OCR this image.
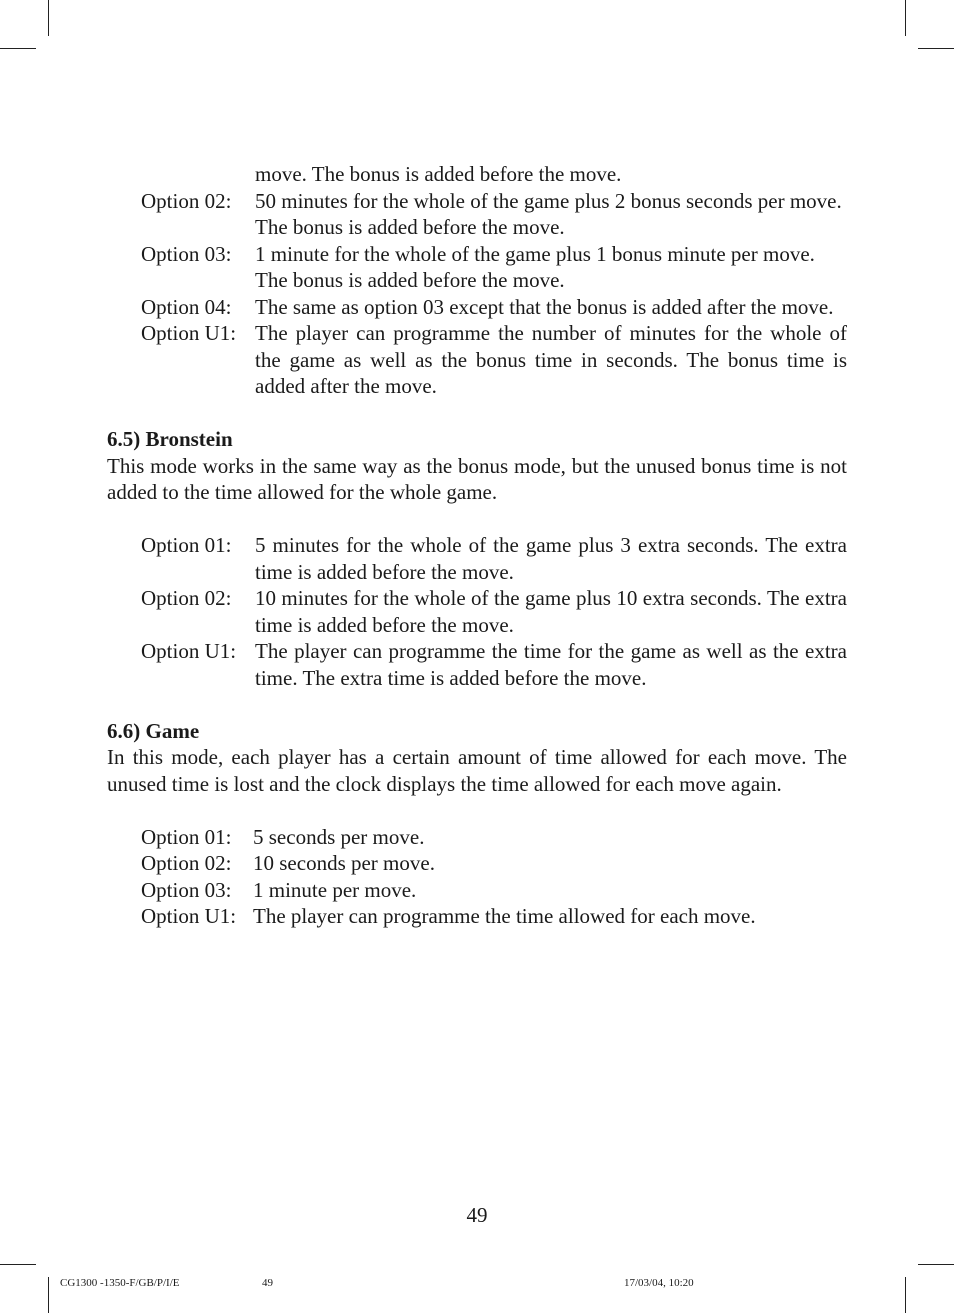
move. The bonus is added before the move.
Option 02:	50 minutes for the whole of the game plus 2 bonus seconds per move.
The bonus is added before the move.
Option 03:	1 minute for the whole of the game plus 1 bonus minute per move.
The bonus is added before the move.
Option 04:	The same as option 03 except that the bonus is added after the move.
Option U1: The player can programme the number of minutes for the whole of the game as well as the bonus time in seconds. The bonus time is added after the move.
6.5) Bronstein
This mode works in the same way as the bonus mode, but the unused bonus time is not added to the time allowed for the whole game.
Option 01:	5 minutes for the whole of the game plus 3 extra seconds. The extra time is added before the move.
Option 02:	10 minutes for the whole of the game plus 10 extra seconds. The extra time is added before the move.
Option U1: The player can programme the time for the game as well as the extra time. The extra time is added before the move.
6.6) Game
In this mode, each player has a certain amount of time allowed for each move. The unused time is lost and the clock displays the time allowed for each move again.
Option 01:	5 seconds per move.
Option 02:	10 seconds per move.
Option 03:	1 minute per move.
Option U1: The player can programme the time allowed for each move.
49
CG1300 -1350-F/GB/P/I/E	49	17/03/04, 10:20
